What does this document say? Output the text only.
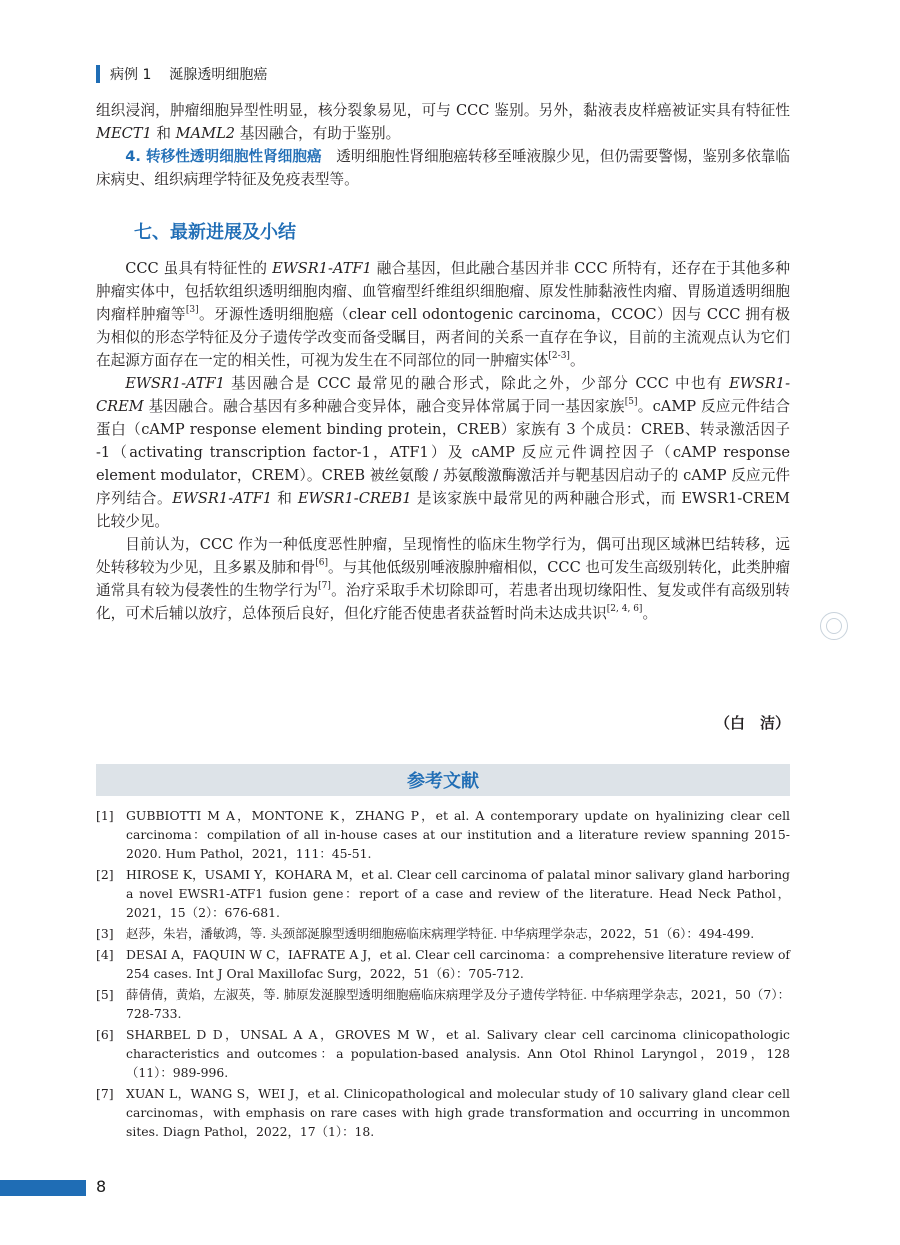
病例 1 涎腺透明细胞癌

组织浸润，肿瘤细胞异型性明显，核分裂象易见，可与 CCC 鉴别。另外，黏液表皮样癌被证实具有特征性 MECT1 和 MAML2 基因融合，有助于鉴别。

4. 转移性透明细胞性肾细胞癌　透明细胞性肾细胞癌转移至唾液腺少见，但仍需要警惕，鉴别多依靠临床病史、组织病理学特征及免疫表型等。

七、最新进展及小结

CCC 虽具有特征性的 EWSR1-ATF1 融合基因，但此融合基因并非 CCC 所特有，还存在于其他多种肿瘤实体中，包括软组织透明细胞肉瘤、血管瘤型纤维组织细胞瘤、原发性肺黏液性肉瘤、胃肠道透明细胞肉瘤样肿瘤等[3]。牙源性透明细胞癌（clear cell odontogenic carcinoma，CCOC）因与 CCC 拥有极为相似的形态学特征及分子遗传学改变而备受瞩目，两者间的关系一直存在争议，目前的主流观点认为它们在起源方面存在一定的相关性，可视为发生在不同部位的同一肿瘤实体[2-3]。

EWSR1-ATF1 基因融合是 CCC 最常见的融合形式，除此之外，少部分 CCC 中也有 EWSR1-CREM 基因融合。融合基因有多种融合变异体，融合变异体常属于同一基因家族[5]。cAMP 反应元件结合蛋白（cAMP response element binding protein，CREB）家族有 3 个成员：CREB、转录激活因子 -1（activating transcription factor-1，ATF1）及 cAMP 反应元件调控因子（cAMP response element modulator，CREM）。CREB 被丝氨酸 / 苏氨酸激酶激活并与靶基因启动子的 cAMP 反应元件序列结合。EWSR1-ATF1 和 EWSR1-CREB1 是该家族中最常见的两种融合形式，而 EWSR1-CREM 比较少见。

目前认为，CCC 作为一种低度恶性肿瘤，呈现惰性的临床生物学行为，偶可出现区域淋巴结转移，远处转移较为少见，且多累及肺和骨[6]。与其他低级别唾液腺肿瘤相似，CCC 也可发生高级别转化，此类肿瘤通常具有较为侵袭性的生物学行为[7]。治疗采取手术切除即可，若患者出现切缘阳性、复发或伴有高级别转化，可术后辅以放疗，总体预后良好，但化疗能否使患者获益暂时尚未达成共识[2, 4, 6]。

（白　洁）
参考文献
[1]	GUBBIOTTI M A，MONTONE K，ZHANG P，et al. A contemporary update on hyalinizing clear cell carcinoma：compilation of all in-house cases at our institution and a literature review spanning 2015-2020. Hum Pathol，2021，111：45-51.
[2]	HIROSE K，USAMI Y，KOHARA M，et al. Clear cell carcinoma of palatal minor salivary gland harboring a novel EWSR1-ATF1 fusion gene：report of a case and review of the literature. Head Neck Pathol，2021，15（2）：676-681.
[3]	赵莎，朱岩，潘敏鸿，等. 头颈部涎腺型透明细胞癌临床病理学特征. 中华病理学杂志，2022，51（6）：494-499.
[4]	DESAI A，FAQUIN W C，IAFRATE A J，et al. Clear cell carcinoma：a comprehensive literature review of 254 cases. Int J Oral Maxillofac Surg，2022，51（6）：705-712.
[5]	薛倩倩，黄焰，左淑英，等. 肺原发涎腺型透明细胞癌临床病理学及分子遗传学特征. 中华病理学杂志，2021，50（7）：728-733.
[6]	SHARBEL D D，UNSAL A A，GROVES M W，et al. Salivary clear cell carcinoma clinicopathologic characteristics and outcomes：a population-based analysis. Ann Otol Rhinol Laryngol，2019，128（11）：989-996.
[7]	XUAN L，WANG S，WEI J，et al. Clinicopathological and molecular study of 10 salivary gland clear cell carcinomas，with emphasis on rare cases with high grade transformation and occurring in uncommon sites. Diagn Pathol，2022，17（1）：18.
8
